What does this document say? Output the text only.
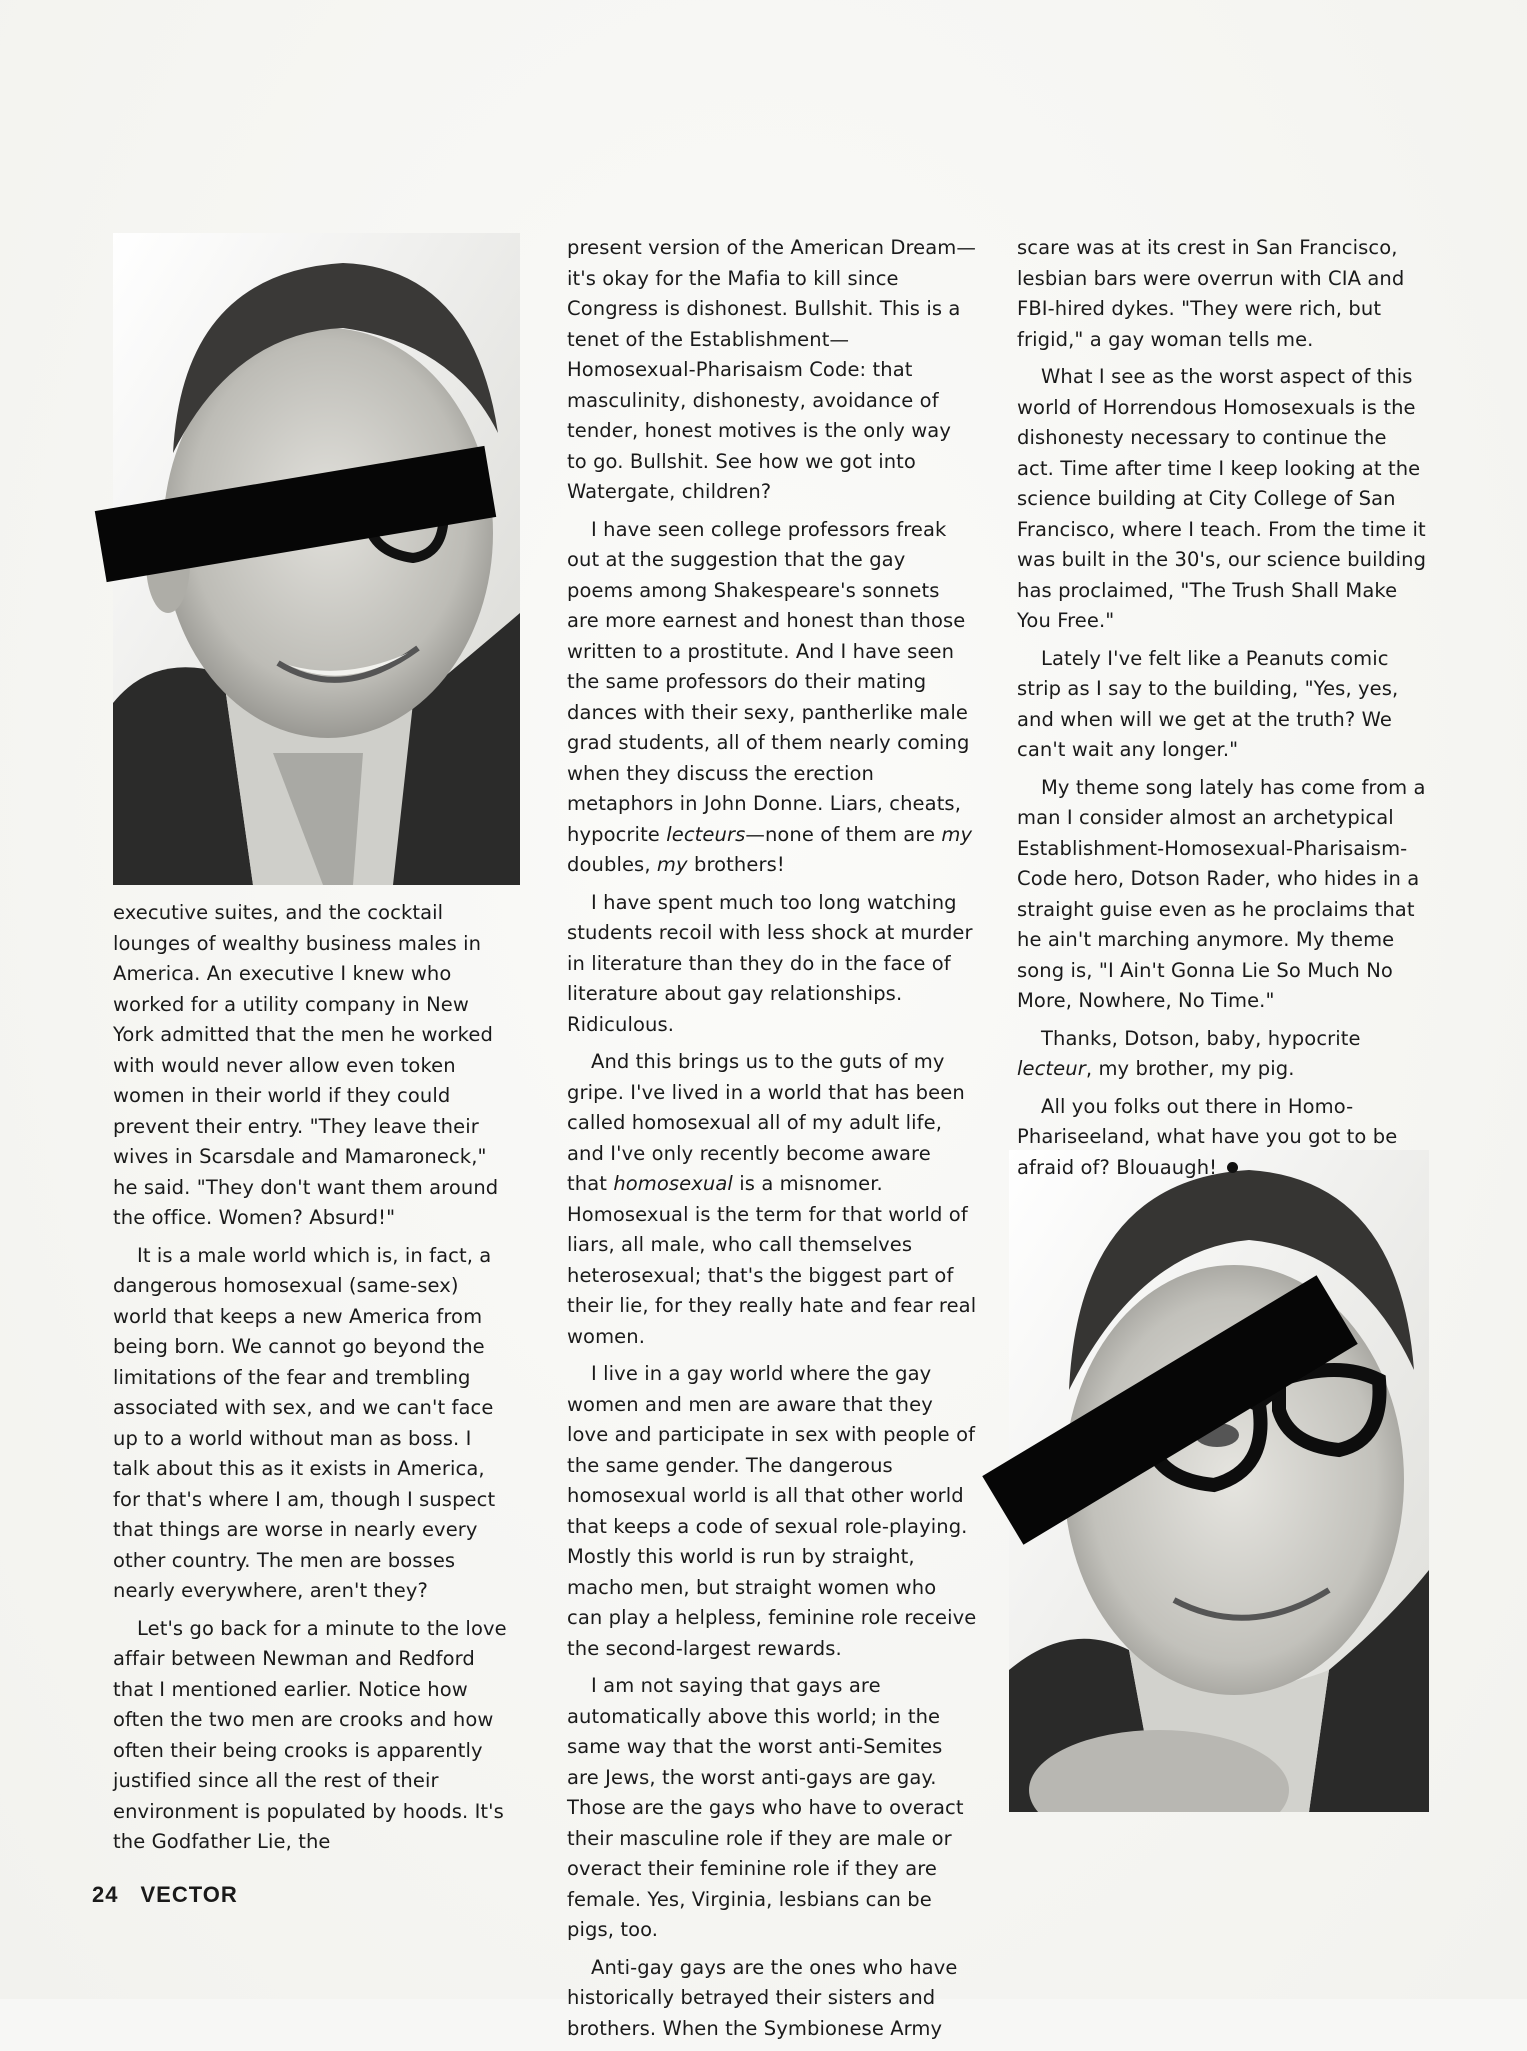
executive suites, and the cocktail lounges of wealthy business males in America. An executive I knew who worked for a utility company in New York admitted that the men he worked with would never allow even token women in their world if they could prevent their entry. "They leave their wives in Scarsdale and Mamaroneck," he said. "They don't want them around the office. Women? Absurd!"

It is a male world which is, in fact, a dangerous homosexual (same-sex) world that keeps a new America from being born. We cannot go beyond the limitations of the fear and trembling associated with sex, and we can't face up to a world without man as boss. I talk about this as it exists in America, for that's where I am, though I suspect that things are worse in nearly every other country. The men are bosses nearly everywhere, aren't they?

Let's go back for a minute to the love affair between Newman and Redford that I mentioned earlier. Notice how often the two men are crooks and how often their being crooks is apparently justified since all the rest of their environment is populated by hoods. It's the Godfather Lie, the

present version of the American Dream—it's okay for the Mafia to kill since Congress is dishonest. Bullshit. This is a tenet of the Establishment—Homosexual-Pharisaism Code: that masculinity, dishonesty, avoidance of tender, honest motives is the only way to go. Bullshit. See how we got into Watergate, children?

I have seen college professors freak out at the suggestion that the gay poems among Shakespeare's sonnets are more earnest and honest than those written to a prostitute. And I have seen the same professors do their mating dances with their sexy, pantherlike male grad students, all of them nearly coming when they discuss the erection metaphors in John Donne. Liars, cheats, hypocrite lecteurs—none of them are my doubles, my brothers!

I have spent much too long watching students recoil with less shock at murder in literature than they do in the face of literature about gay relationships. Ridiculous.

And this brings us to the guts of my gripe. I've lived in a world that has been called homosexual all of my adult life, and I've only recently become aware that homosexual is a misnomer. Homosexual is the term for that world of liars, all male, who call themselves heterosexual; that's the biggest part of their lie, for they really hate and fear real women.

I live in a gay world where the gay women and men are aware that they love and participate in sex with people of the same gender. The dangerous homosexual world is all that other world that keeps a code of sexual role-playing. Mostly this world is run by straight, macho men, but straight women who can play a helpless, feminine role receive the second-largest rewards.

I am not saying that gays are automatically above this world; in the same way that the worst anti-Semites are Jews, the worst anti-gays are gay. Those are the gays who have to overact their masculine role if they are male or overact their feminine role if they are female. Yes, Virginia, lesbians can be pigs, too.

Anti-gay gays are the ones who have historically betrayed their sisters and brothers. When the Symbionese Army

scare was at its crest in San Francisco, lesbian bars were overrun with CIA and FBI-hired dykes. "They were rich, but frigid," a gay woman tells me.

What I see as the worst aspect of this world of Horrendous Homosexuals is the dishonesty necessary to continue the act. Time after time I keep looking at the science building at City College of San Francisco, where I teach. From the time it was built in the 30's, our science building has proclaimed, "The Trush Shall Make You Free."

Lately I've felt like a Peanuts comic strip as I say to the building, "Yes, yes, and when will we get at the truth? We can't wait any longer."

My theme song lately has come from a man I consider almost an archetypical Establishment-Homosexual-Pharisaism-Code hero, Dotson Rader, who hides in a straight guise even as he proclaims that he ain't marching anymore. My theme song is, "I Ain't Gonna Lie So Much No More, Nowhere, No Time."

Thanks, Dotson, baby, hypocrite lecteur, my brother, my pig.

All you folks out there in Homo-Phariseeland, what have you got to be afraid of? Blouaugh!

24 VECTOR
